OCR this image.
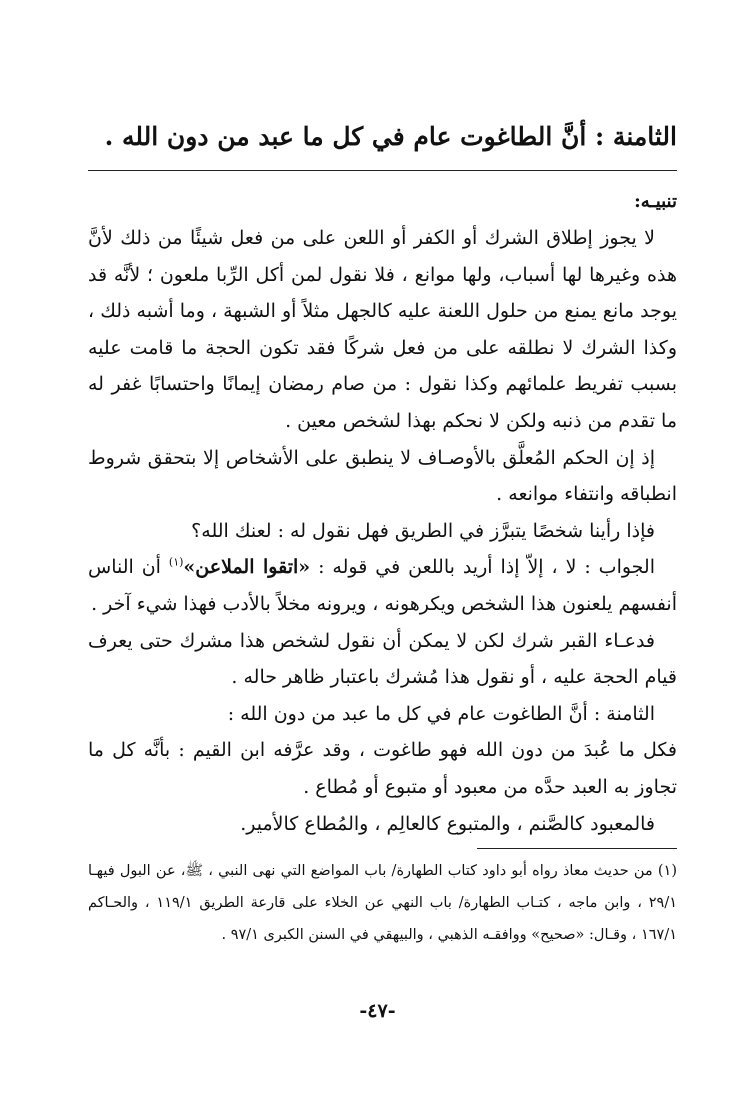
الثامنة : أنَّ الطاغوت عام في كل ما عبد من دون الله .

تنبيـه:

لا يجوز إطلاق الشرك أو الكفر أو اللعن على من فعل شيئًا من ذلك لأنَّ هذه وغيرها لها أسباب، ولها موانع ، فلا نقول لمن أكل الرِّبا ملعون ؛ لأنَّه قد يوجد مانع يمنع من حلول اللعنة عليه كالجهل مثلاً أو الشبهة ، وما أشبه ذلك ، وكذا الشرك لا نطلقه على من فعل شركًا فقد تكون الحجة ما قامت عليه بسبب تفريط علمائهم وكذا نقول : من صام رمضان إيمانًا واحتسابًا غفر له ما تقدم من ذنبه ولكن لا نحكم بهذا لشخص معين .

إذ إن الحكم المُعلَّق بالأوصـاف لا ينطبق على الأشخاص إلا بتحقق شروط انطباقه وانتفاء موانعه .

فإذا رأينا شخصًا يتبرَّز في الطريق فهل نقول له : لعنك الله؟

الجواب : لا ، إلاّ إذا أريد باللعن في قوله : «اتقوا الملاعن»$^{(١)}$ أن الناس أنفسهم يلعنون هذا الشخص ويكرهونه ، ويرونه مخلاً بالأدب فهذا شيء آخر .

فدعـاء القبر شرك لكن لا يمكن أن نقول لشخص هذا مشرك حتى يعرف قيام الحجة عليه ، أو نقول هذا مُشرك باعتبار ظاهر حاله .

الثامنة : أنَّ الطاغوت عام في كل ما عبد من دون الله :

فكل ما عُبدَ من دون الله فهو طاغوت ، وقد عرَّفه ابن القيم : بأنَّه كل ما تجاوز به العبد حدَّه من معبود أو متبوع أو مُطاع .

فالمعبود كالصَّنم ، والمتبوع كالعالِم ، والمُطاع كالأمير.

(١) من حديث معاذ رواه أبو داود كتاب الطهارة/ باب المواضع التي نهى النبي ، ﷺ، عن البول فيهـا ٢٩/١ ، وابن ماجه ، كتـاب الطهارة/ باب النهي عن الخلاء على قارعة الطريق ١١٩/١ ، والحـاكم ١٦٧/١ ، وقـال: «صحيح» ووافقـه الذهبي ، والبيهقي في السنن الكبرى ٩٧/١ .

-٤٧-
